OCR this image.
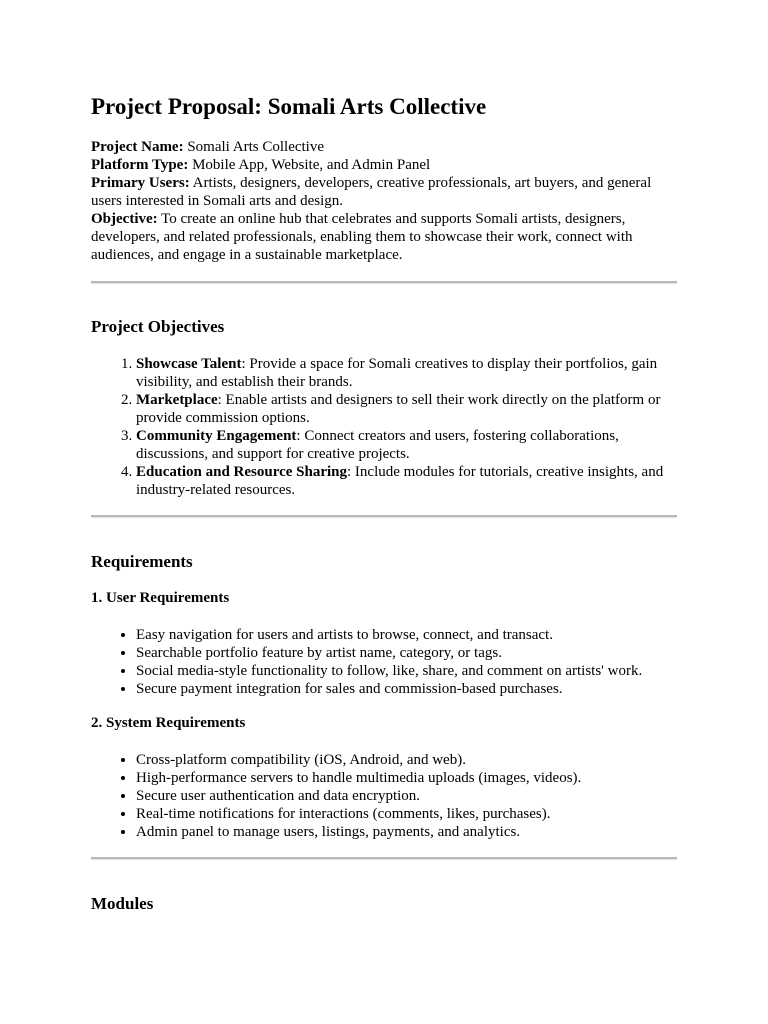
Project Proposal: Somali Arts Collective

Project Name: Somali Arts Collective

Platform Type: Mobile App, Website, and Admin Panel

Primary Users: Artists, designers, developers, creative professionals, art buyers, and general users interested in Somali arts and design.

Objective: To create an online hub that celebrates and supports Somali artists, designers, developers, and related professionals, enabling them to showcase their work, connect with audiences, and engage in a sustainable marketplace.

Project Objectives
1. Showcase Talent: Provide a space for Somali creatives to display their portfolios, gain visibility, and establish their brands.
2. Marketplace: Enable artists and designers to sell their work directly on the platform or provide commission options.
3. Community Engagement: Connect creators and users, fostering collaborations, discussions, and support for creative projects.
4. Education and Resource Sharing: Include modules for tutorials, creative insights, and industry-related resources.
Requirements
1. User Requirements
• Easy navigation for users and artists to browse, connect, and transact.
• Searchable portfolio feature by artist name, category, or tags.
• Social media-style functionality to follow, like, share, and comment on artists' work.
• Secure payment integration for sales and commission-based purchases.
2. System Requirements
• Cross-platform compatibility (iOS, Android, and web).
• High-performance servers to handle multimedia uploads (images, videos).
• Secure user authentication and data encryption.
• Real-time notifications for interactions (comments, likes, purchases).
• Admin panel to manage users, listings, payments, and analytics.
Modules
